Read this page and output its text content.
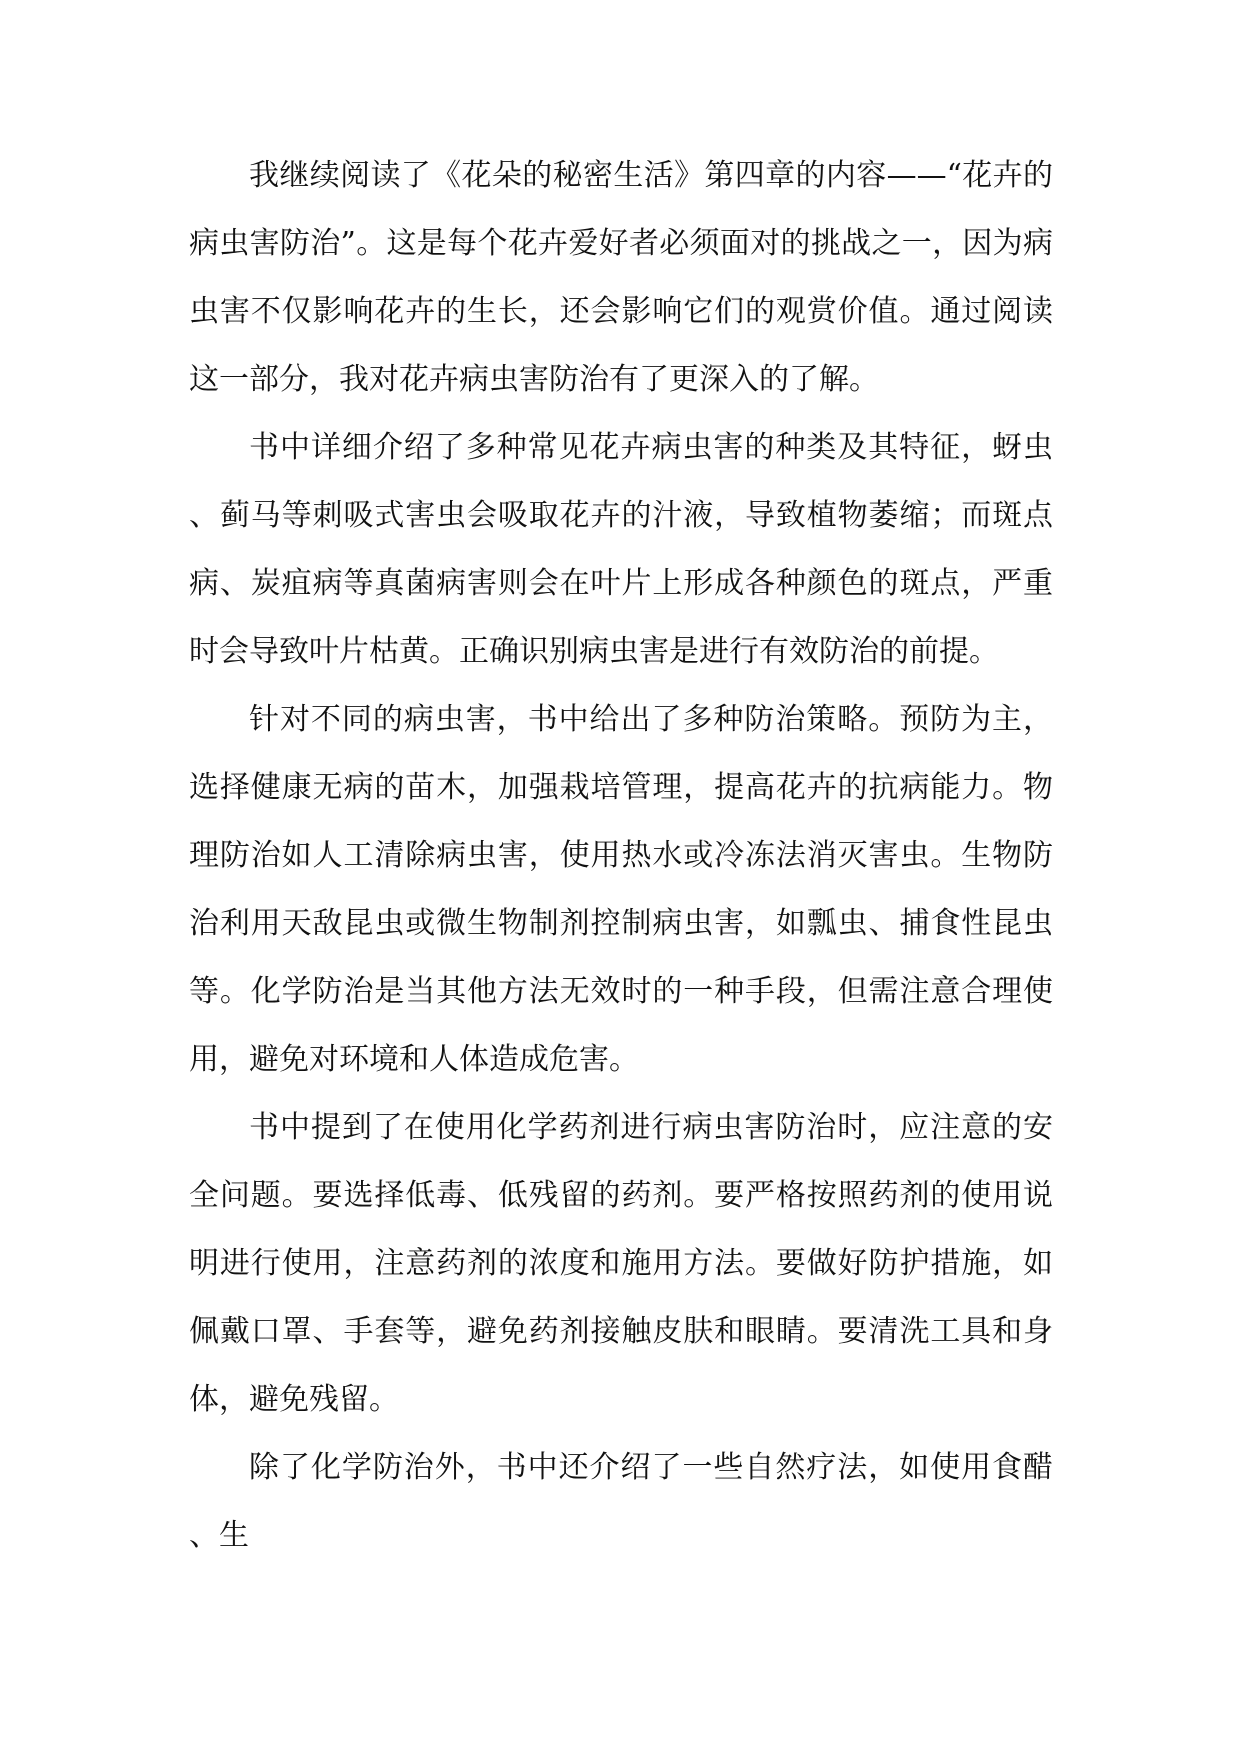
我继续阅读了《花朵的秘密生活》第四章的内容——“花卉的病虫害防治”。这是每个花卉爱好者必须面对的挑战之一，因为病虫害不仅影响花卉的生长，还会影响它们的观赏价值。通过阅读这一部分，我对花卉病虫害防治有了更深入的了解。

书中详细介绍了多种常见花卉病虫害的种类及其特征，蚜虫、蓟马等刺吸式害虫会吸取花卉的汁液，导致植物萎缩；而斑点病、炭疽病等真菌病害则会在叶片上形成各种颜色的斑点，严重时会导致叶片枯黄。正确识别病虫害是进行有效防治的前提。

针对不同的病虫害，书中给出了多种防治策略。预防为主，选择健康无病的苗木，加强栽培管理，提高花卉的抗病能力。物理防治如人工清除病虫害，使用热水或冷冻法消灭害虫。生物防治利用天敌昆虫或微生物制剂控制病虫害，如瓢虫、捕食性昆虫等。化学防治是当其他方法无效时的一种手段，但需注意合理使用，避免对环境和人体造成危害。

书中提到了在使用化学药剂进行病虫害防治时，应注意的安全问题。要选择低毒、低残留的药剂。要严格按照药剂的使用说明进行使用，注意药剂的浓度和施用方法。要做好防护措施，如佩戴口罩、手套等，避免药剂接触皮肤和眼睛。要清洗工具和身体，避免残留。

除了化学防治外，书中还介绍了一些自然疗法，如使用食醋、生
